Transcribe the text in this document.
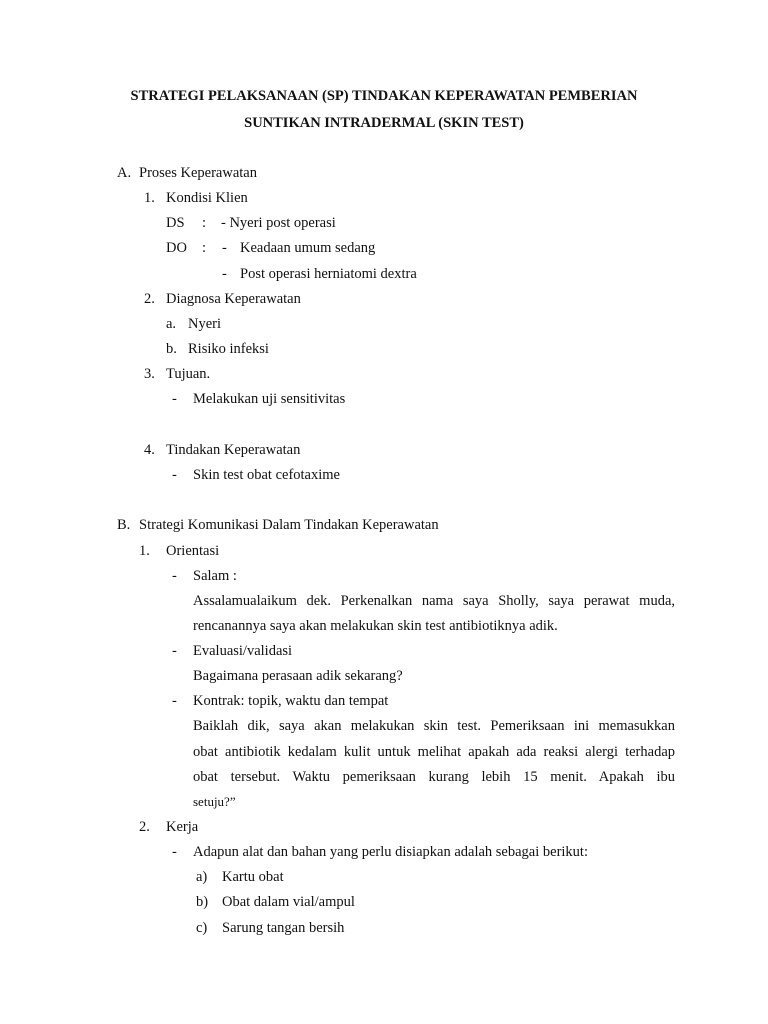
STRATEGI PELAKSANAAN (SP) TINDAKAN KEPERAWATAN PEMBERIAN
SUNTIKAN INTRADERMAL (SKIN TEST)
A. Proses Keperawatan
1. Kondisi Klien
DS : - Nyeri post operasi
DO : - Keadaan umum sedang
- Post operasi herniatomi dextra
2. Diagnosa Keperawatan
a. Nyeri
b. Risiko infeksi
3. Tujuan.
- Melakukan uji sensitivitas
4. Tindakan Keperawatan
- Skin test obat cefotaxime
B. Strategi Komunikasi Dalam Tindakan Keperawatan
1. Orientasi
- Salam :
Assalamualaikum dek. Perkenalkan nama saya Sholly, saya perawat muda,
rencanannya saya akan melakukan skin test antibiotiknya adik.
- Evaluasi/validasi
Bagaimana perasaan adik sekarang?
- Kontrak: topik, waktu dan tempat
Baiklah dik, saya akan melakukan skin test. Pemeriksaan ini memasukkan
obat antibiotik kedalam kulit untuk melihat apakah ada reaksi alergi terhadap
obat tersebut. Waktu pemeriksaan kurang lebih 15 menit. Apakah ibu
setuju?”
2. Kerja
- Adapun alat dan bahan yang perlu disiapkan adalah sebagai berikut:
a) Kartu obat
b) Obat dalam vial/ampul
c) Sarung tangan bersih
